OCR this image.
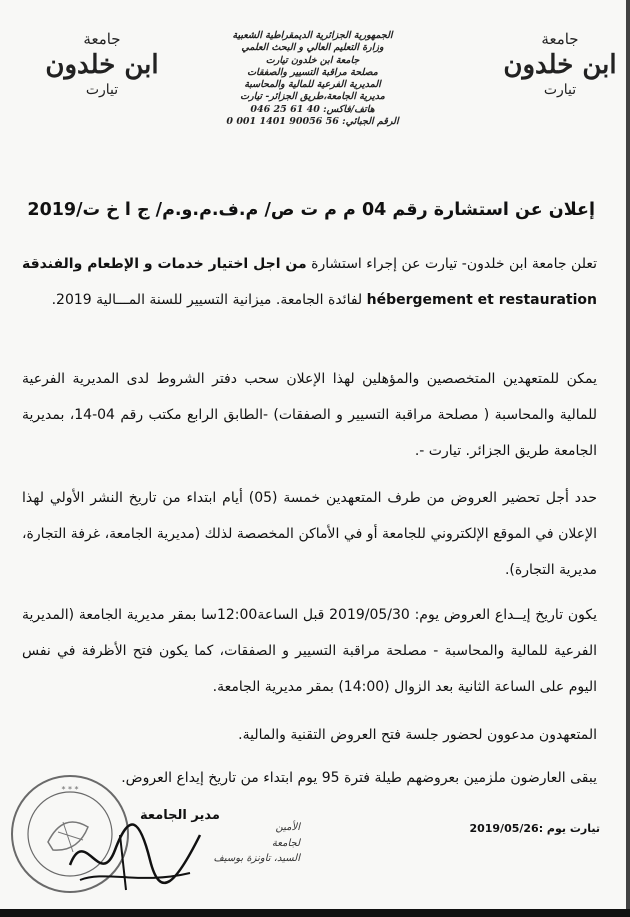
جامعة
ابن خلدون
تيارت
جامعة
ابن خلدون
تيارت
الجمهورية الجزائرية الديمقراطية الشعبية
وزارة التعليم العالي و البحث العلمي
جامعة ابن خلدون تيارت
مصلحة مراقبة التسيير والصفقات
المديرية الفرعية للمالية والمحاسبة
مديرية الجامعة،طريق الجزائر- تيارت
هاتف/فاكس: 40 61 25 046
الرقم الجبائي: 56 90056 1401 001 0
إعلان عن استشارة رقم 04 م م ت ص/ م.ف.م.و.م/ ج ا خ ت/2019
تعلن جامعة ابن خلدون- تيارت عن إجراء استشارة من اجل اختيار خدمات و الإطعام والفندقة hébergement et restauration لفائدة الجامعة. ميزانية التسيير للسنة المـــالية 2019.
يمكن للمتعهدين المتخصصين والمؤهلين لهذا الإعلان سحب دفتر الشروط لدى المديرية الفرعية للمالية والمحاسبة ( مصلحة مراقبة التسيير و الصفقات) -الطابق الرابع مكتب رقم 04-14، بمديرية الجامعة طريق الجزائر. تيارت -.
حدد أجل تحضير العروض من طرف المتعهدين خمسة (05) أيام ابتداء من تاريخ النشر الأولي لهذا الإعلان في الموقع الإلكتروني للجامعة أو في الأماكن المخصصة لذلك (مديرية الجامعة، غرفة التجارة، مديرية التجارة).
يكون تاريخ إيــداع العروض يوم: 2019/05/30 قبل الساعة12:00سا بمقر مديرية الجامعة (المديرية الفرعية للمالية والمحاسبة - مصلحة مراقبة التسيير و الصفقات، كما يكون فتح الأظرفة في نفس اليوم على الساعة الثانية بعد الزوال (14:00) بمقر مديرية الجامعة.
المتعهدون مدعوون لحضور جلسة فتح العروض التقنية والمالية.
يبقى العارضون ملزمين بعروضهم طيلة فترة 95 يوم ابتداء من تاريخ إيداع العروض.
تيارت يوم :2019/05/26
* * *
مدير الجامعة
الأمين
لجامعة
السيد، تاونزة بوسيف
